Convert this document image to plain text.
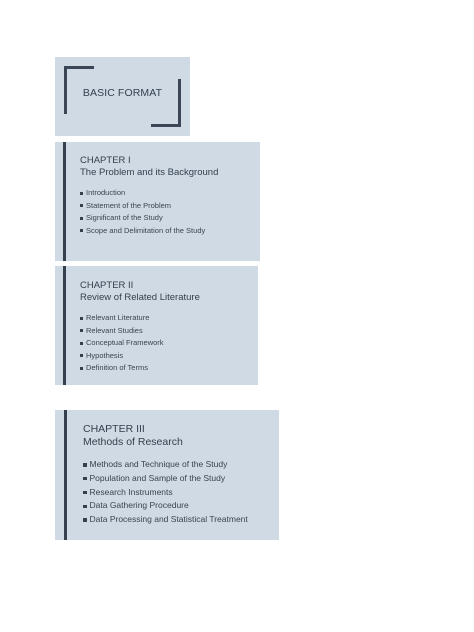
BASIC FORMAT
CHAPTER I
The Problem and its Background
Introduction
Statement of the Problem
Significant of the Study
Scope and Delimitation of the Study
CHAPTER II
Review of Related Literature
Relevant Literature
Relevant Studies
Conceptual Framework
Hypothesis
Definition of Terms
CHAPTER III
Methods of Research
Methods and Technique of the Study
Population and Sample of the Study
Research Instruments
Data Gathering Procedure
Data Processing and Statistical Treatment
